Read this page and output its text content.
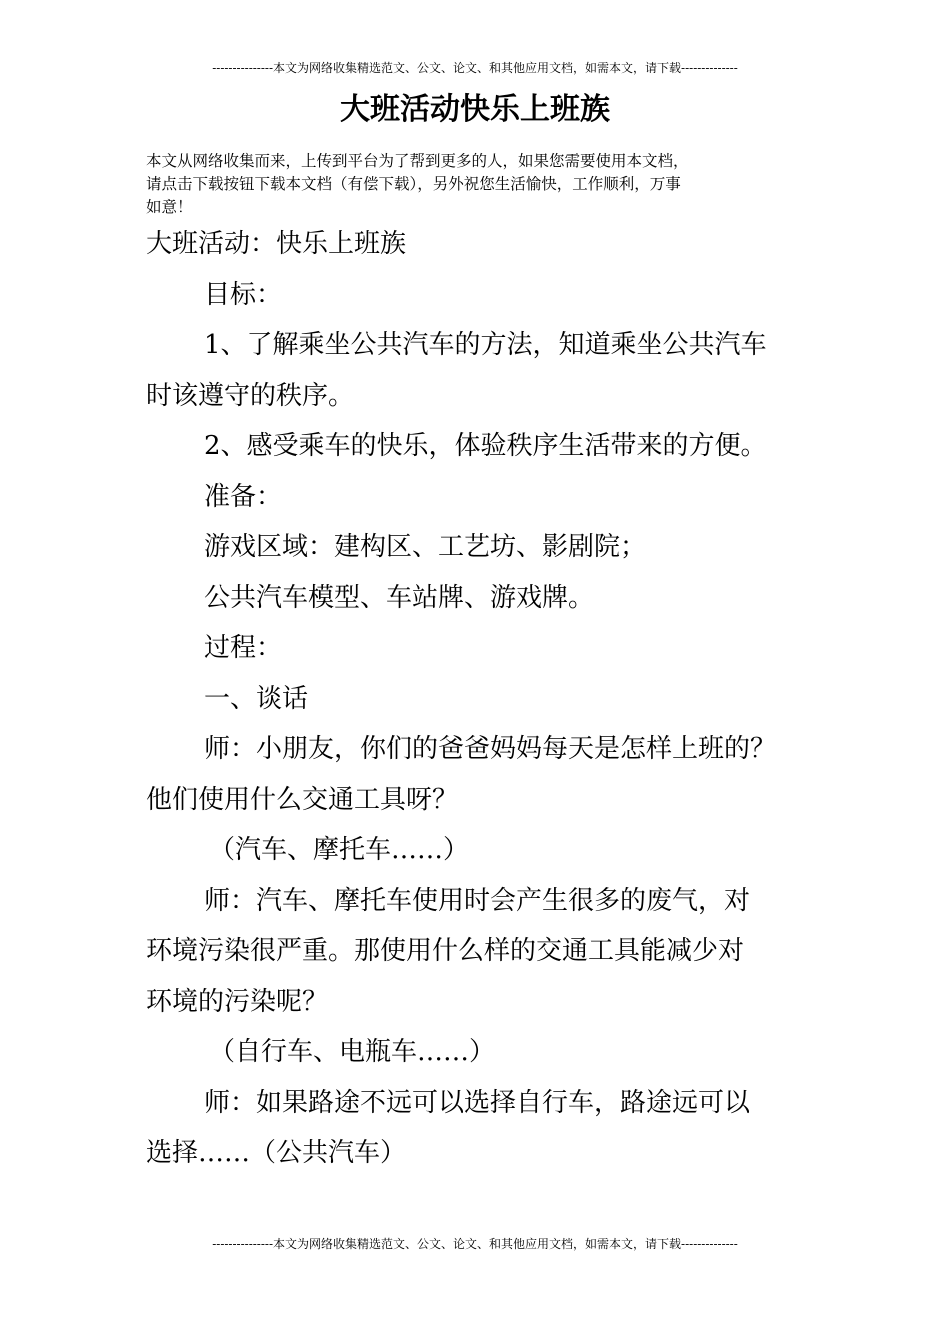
---------------本文为网络收集精选范文、公文、论文、和其他应用文档，如需本文，请下载--------------
大班活动快乐上班族
本文从网络收集而来，上传到平台为了帮到更多的人，如果您需要使用本文档，
请点击下载按钮下载本文档（有偿下载），另外祝您生活愉快，工作顺利，万事
如意！
大班活动：快乐上班族
目标：
1、了解乘坐公共汽车的方法，知道乘坐公共汽车
时该遵守的秩序。
2、感受乘车的快乐，体验秩序生活带来的方便。
准备：
游戏区域：建构区、工艺坊、影剧院；
公共汽车模型、车站牌、游戏牌。
过程：
一、谈话
师：小朋友，你们的爸爸妈妈每天是怎样上班的？
他们使用什么交通工具呀？
（汽车、摩托车……）
师：汽车、摩托车使用时会产生很多的废气，对
环境污染很严重。那使用什么样的交通工具能减少对
环境的污染呢？
（自行车、电瓶车……）
师：如果路途不远可以选择自行车，路途远可以
选择……（公共汽车）
---------------本文为网络收集精选范文、公文、论文、和其他应用文档，如需本文，请下载--------------
